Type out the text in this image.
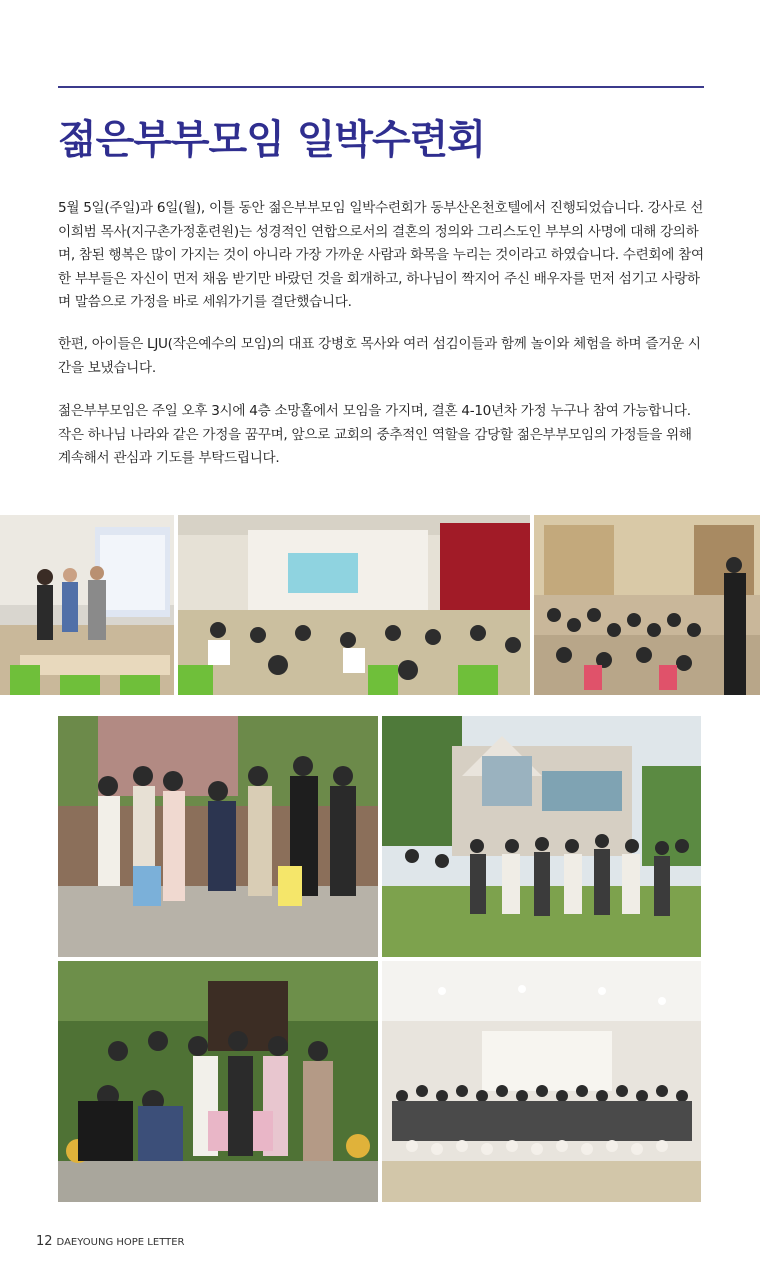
젊은부부모임 일박수련회

5월 5일(주일)과 6일(월), 이틀 동안 젊은부부모임 일박수련회가 동부산온천호텔에서 진행되었습니다. 강사로 선 이희범 목사(지구촌가정훈련원)는 성경적인 연합으로서의 결혼의 정의와 그리스도인 부부의 사명에 대해 강의하며, 참된 행복은 많이 가지는 것이 아니라 가장 가까운 사람과 화목을 누리는 것이라고 하였습니다. 수련회에 참여한 부부들은 자신이 먼저 채움 받기만 바랐던 것을 회개하고, 하나님이 짝지어 주신 배우자를 먼저 섬기고 사랑하며 말씀으로 가정을 바로 세워가기를 결단했습니다.

한편, 아이들은 LJU(작은예수의 모임)의 대표 강병호 목사와 여러 섬김이들과 함께 놀이와 체험을 하며 즐거운 시간을 보냈습니다.

젊은부부모임은 주일 오후 3시에 4층 소망홀에서 모임을 가지며, 결혼 4-10년차 가정 누구나 참여 가능합니다. 작은 하나님 나라와 같은 가정을 꿈꾸며, 앞으로 교회의 중추적인 역할을 감당할 젊은부부모임의 가정들을 위해 계속해서 관심과 기도를 부탁드립니다.

12 DAEYOUNG HOPE LETTER
